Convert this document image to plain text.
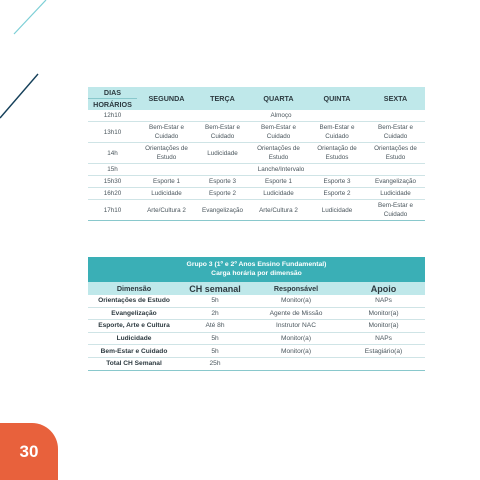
DIAS
HORÁRIOS	SEGUNDA	TERÇA	QUARTA	QUINTA	SEXTA
12h10	Almoço				
13h10	Bem-Estar e Cuidado	Bem-Estar e Cuidado	Bem-Estar e Cuidado	Bem-Estar e Cuidado	Bem-Estar e Cuidado
14h	Orientações de Estudo	Ludicidade	Orientações de Estudo	Orientação de Estudos	Orientações de Estudo
15h	Lanche/Intervalo				
15h30	Esporte 1	Esporte 3	Esporte 1	Esporte 3	Evangelização
16h20	Ludicidade	Esporte 2	Ludicidade	Esporte 2	Ludicidade
17h10	Arte/Cultura 2	Evangelização	Arte/Cultura 2	Ludicidade	Bem-Estar e Cuidado
Grupo 3 (1º e 2º Anos Ensino Fundamental)
Carga horária por dimensão
Dimensão	CH semanal	Responsável	Apoio
Orientações de Estudo	5h	Monitor(a)	NAPs
Evangelização	2h	Agente de Missão	Monitor(a)
Esporte, Arte e Cultura	Até 8h	Instrutor NAC	Monitor(a)
Ludicidade	5h	Monitor(a)	NAPs
Bem-Estar e Cuidado	5h	Monitor(a)	Estagiário(a)
Total CH Semanal	25h		
30
